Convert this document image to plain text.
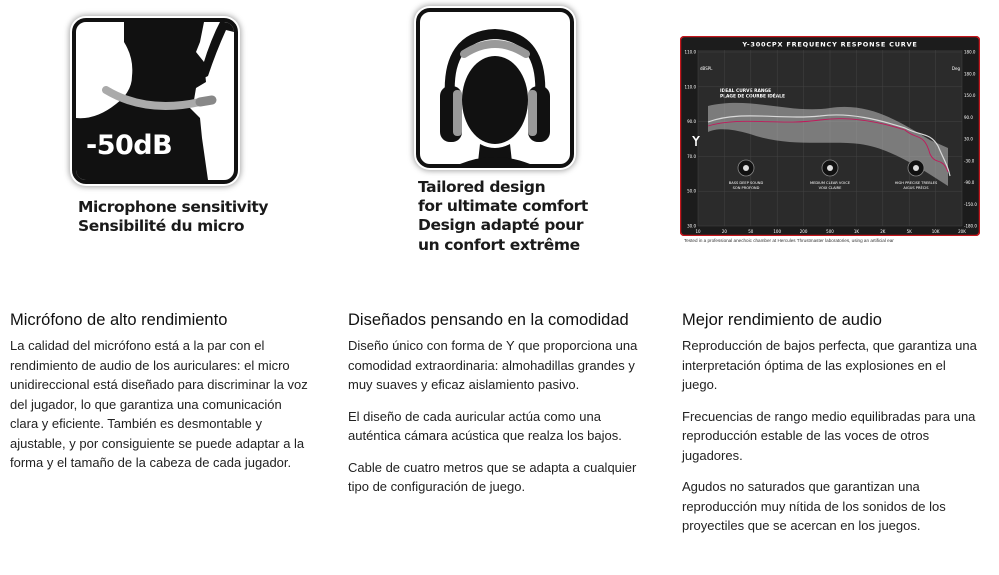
-50dB
Microphone sensitivity
Sensibilité du micro
Micrófono de alto rendimiento

La calidad del micrófono está a la par con el rendimiento de audio de los auriculares: el micro unidireccional está diseñado para discriminar la voz del jugador, lo que garantiza una comunicación clara y eficiente. También es desmontable y ajustable, y por consiguiente se puede adaptar a la forma y el tamaño de la cabeza de cada jugador.

Tailored design
for ultimate comfort
Design adapté pour
un confort extrême
Diseñados pensando en la comodidad

Diseño único con forma de Y que proporciona una comodidad extraordinaria: almohadillas grandes y muy suaves y eficaz aislamiento pasivo.

El diseño de cada auricular actúa como una auténtica cámara acústica que realza los bajos.

Cable de cuatro metros que se adapta a cualquier tipo de configuración de juego.

Y-300CPX FREQUENCY RESPONSE CURVE
dBSPL	Deg
IDEAL CURVE RANGE
PLAGE DE COURBE IDÉALE
10	20	50	100	200	500	1K	2K	5K	10K	20K
110.0
110.0
90.0
70.0
50.0
30.0
180.0
180.0
150.0
90.0
30.0
-30.0
-90.0
-150.0
-180.0
BASS DEEP SOUND
SON PROFOND
MEDIUM CLEAR VOICE
VOIX CLAIRE
HIGH PRECISE TREBLES
AIGUS PRÉCIS
Tested in a professional anechoic chamber at Hercules Thrustmaster laboratories, using an artificial ear
Mejor rendimiento de audio

Reproducción de bajos perfecta, que garantiza una interpretación óptima de las explosiones en el juego.

Frecuencias de rango medio equilibradas para una reproducción estable de las voces de otros jugadores.

Agudos no saturados que garantizan una reproducción muy nítida de los sonidos de los proyectiles que se acercan en los juegos.
